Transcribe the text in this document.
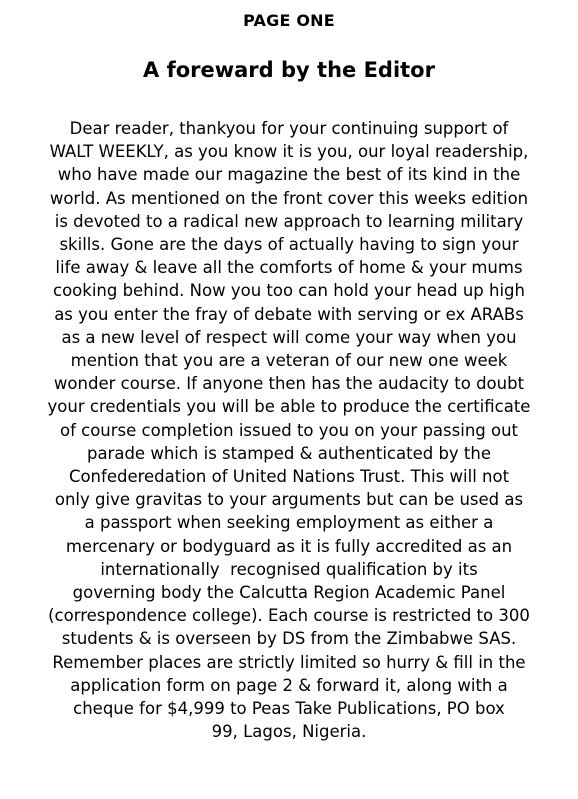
PAGE ONE
A foreward by the Editor
Dear reader, thankyou for your continuing support of
WALT WEEKLY, as you know it is you, our loyal readership,
who have made our magazine the best of its kind in the
world. As mentioned on the front cover this weeks edition
is devoted to a radical new approach to learning military
skills. Gone are the days of actually having to sign your
life away & leave all the comforts of home & your mums
cooking behind. Now you too can hold your head up high
as you enter the fray of debate with serving or ex ARABs
as a new level of respect will come your way when you
mention that you are a veteran of our new one week
wonder course. If anyone then has the audacity to doubt
your credentials you will be able to produce the certificate
of course completion issued to you on your passing out
parade which is stamped & authenticated by the
Confederedation of United Nations Trust. This will not
only give gravitas to your arguments but can be used as
a passport when seeking employment as either a
mercenary or bodyguard as it is fully accredited as an
internationally  recognised qualification by its
governing body the Calcutta Region Academic Panel
(correspondence college). Each course is restricted to 300
students & is overseen by DS from the Zimbabwe SAS.
Remember places are strictly limited so hurry & fill in the
application form on page 2 & forward it, along with a
cheque for $4,999 to Peas Take Publications, PO box
99, Lagos, Nigeria.
